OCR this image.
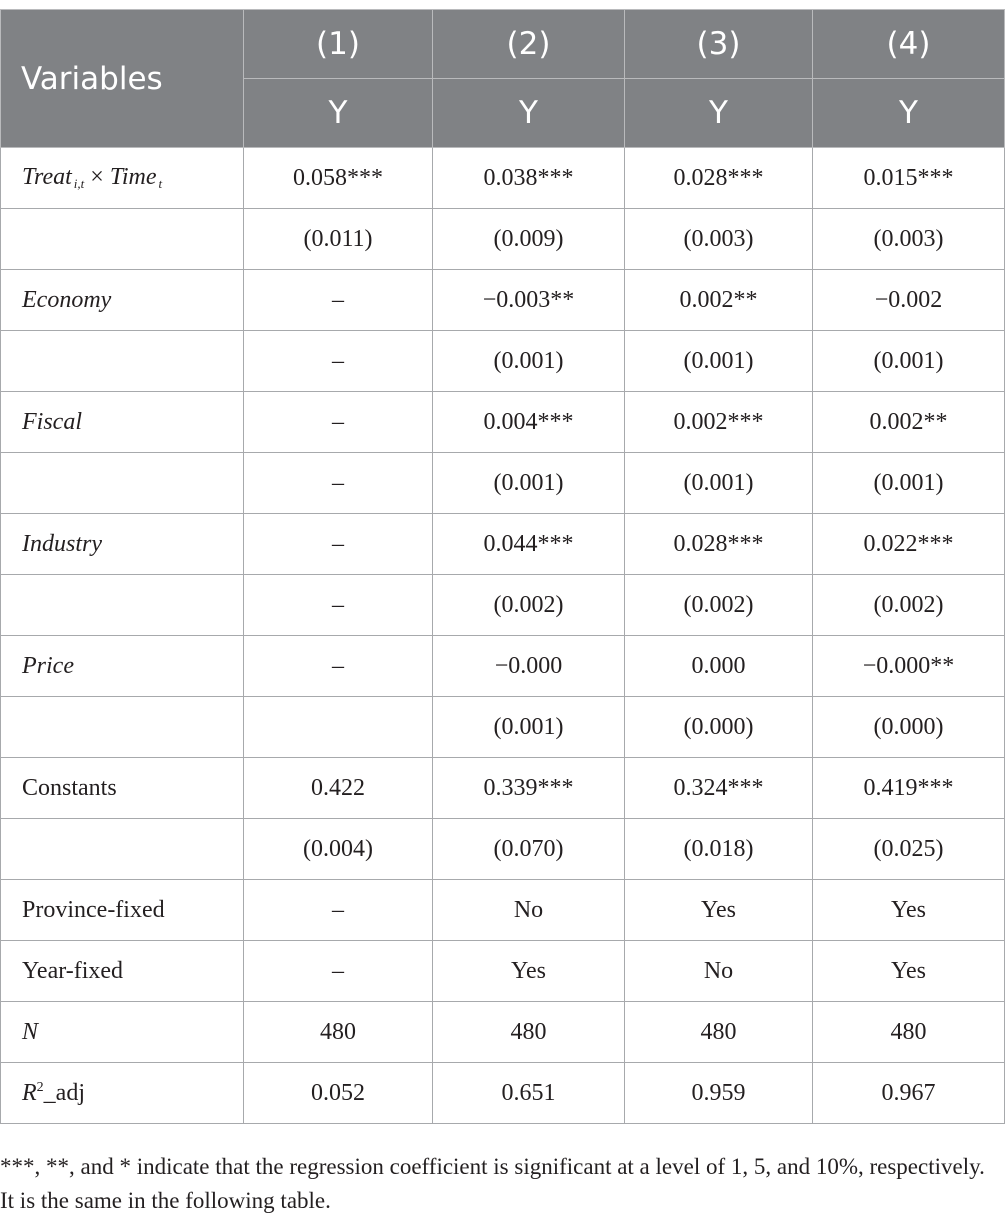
Variables	(1)	(2)	(3)	(4)
	Y	Y	Y	Y
Treat $_{i,t}$ × Time $_t$	0.058***	0.038***	0.028***	0.015***
	(0.011)	(0.009)	(0.003)	(0.003)
Economy	–	−0.003**	0.002**	−0.002
	–	(0.001)	(0.001)	(0.001)
Fiscal	–	0.004***	0.002***	0.002**
	–	(0.001)	(0.001)	(0.001)
Industry	–	0.044***	0.028***	0.022***
	–	(0.002)	(0.002)	(0.002)
Price	–	−0.000	0.000	−0.000**
		(0.001)	(0.000)	(0.000)
Constants	0.422	0.339***	0.324***	0.419***
	(0.004)	(0.070)	(0.018)	(0.025)
Province-fixed	–	No	Yes	Yes
Year-fixed	–	Yes	No	Yes
N	480	480	480	480
$R^2\_adj$	0.052	0.651	0.959	0.967
***, **, and * indicate that the regression coefficient is significant at a level of 1, 5, and 10%, respectively. It is the same in the following table.
